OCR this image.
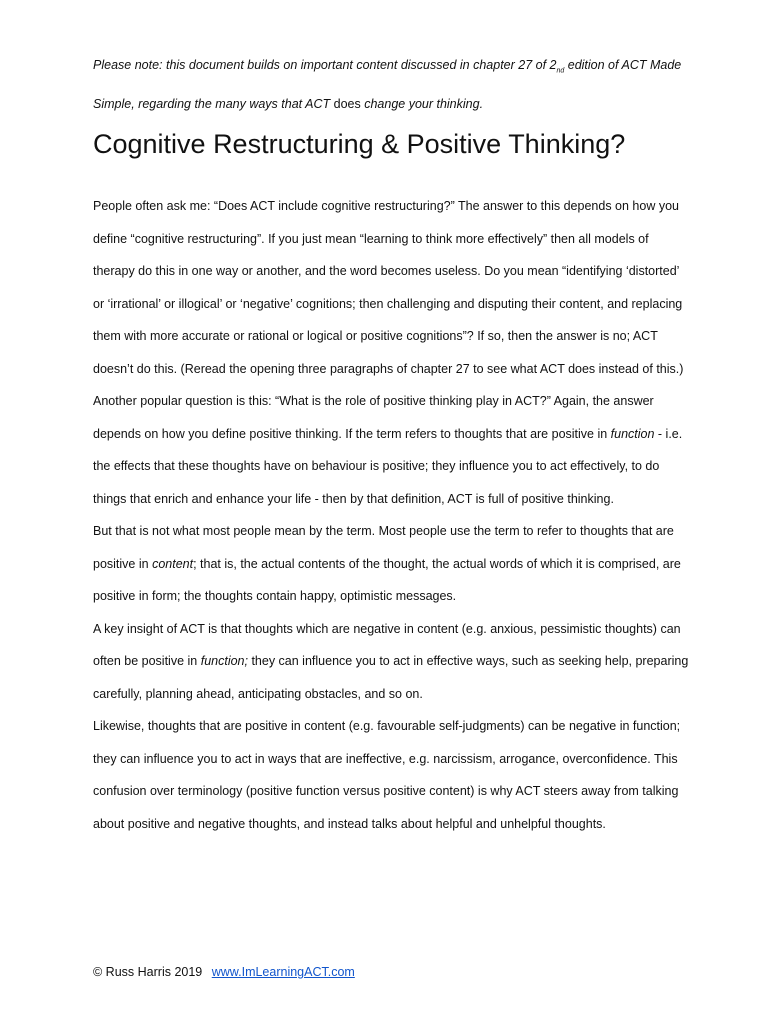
Please note: this document builds on important content discussed in chapter 27 of $2_{nd}$ edition of ACT Made Simple, regarding the many ways that ACT does change your thinking.
Cognitive Restructuring & Positive Thinking?

People often ask me: “Does ACT include cognitive restructuring?” The answer to this depends on how you define “cognitive restructuring”. If you just mean “learning to think more effectively” then all models of therapy do this in one way or another, and the word becomes useless. Do you mean “identifying ‘distorted’ or ‘irrational’ or illogical’ or ‘negative’ cognitions; then challenging and disputing their content, and replacing them with more accurate or rational or logical or positive cognitions”? If so, then the answer is no; ACT doesn’t do this. (Reread the opening three paragraphs of chapter 27 to see what ACT does instead of this.)

Another popular question is this: “What is the role of positive thinking play in ACT?” Again, the answer depends on how you define positive thinking. If the term refers to thoughts that are positive in function - i.e. the effects that these thoughts have on behaviour is positive; they influence you to act effectively, to do things that enrich and enhance your life - then by that definition, ACT is full of positive thinking.

But that is not what most people mean by the term. Most people use the term to refer to thoughts that are positive in content; that is, the actual contents of the thought, the actual words of which it is comprised, are positive in form; the thoughts contain happy, optimistic messages.

A key insight of ACT is that thoughts which are negative in content (e.g. anxious, pessimistic thoughts) can often be positive in function; they can influence you to act in effective ways, such as seeking help, preparing carefully, planning ahead, anticipating obstacles, and so on.

Likewise, thoughts that are positive in content (e.g. favourable self-judgments) can be negative in function; they can influence you to act in ways that are ineffective, e.g. narcissism, arrogance, overconfidence. This confusion over terminology (positive function versus positive content) is why ACT steers away from talking about positive and negative thoughts, and instead talks about helpful and unhelpful thoughts.

© Russ Harris 2019 www.ImLearningACT.com
